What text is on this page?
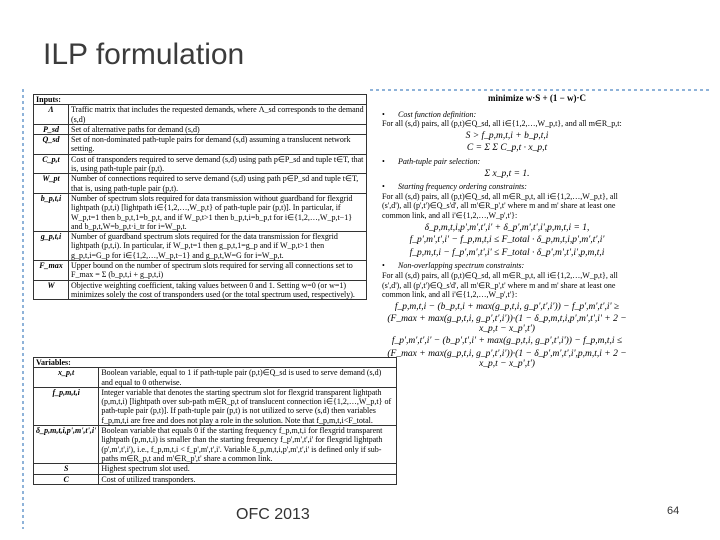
ILP formulation
Inputs:	
Λ	Traffic matrix that includes the requested demands, where Λ_sd corresponds to the demand (s,d)
P_sd	Set of alternative paths for demand (s,d)
Q_sd	Set of non-dominated path-tuple pairs for demand (s,d) assuming a translucent network setting.
C_p,t	Cost of transponders required to serve demand (s,d) using path p∈P_sd and tuple t∈T, that is, using path-tuple pair (p,t).
W_pt	Number of connections required to serve demand (s,d) using path p∈P_sd and tuple t∈T, that is, using path-tuple pair (p,t).
b_p,t,i	Number of spectrum slots required for data transmission without guardband for flexgrid lightpath (p,t,i) [lightpath i∈{1,2,…,W_p,t} of path-tuple pair (p,t)]. In particular, if W_p,t=1 then b_p,t,1=b_p,t, and if W_p,t>1 then b_p,t,i=b_p,t for i∈{1,2,…,W_p,t−1} and b_p,t,W=b_p,t·i_tr for i=W_p,t.
g_p,t,i	Number of guardband spectrum slots required for the data transmission for flexgrid lightpath (p,t,i). In particular, if W_p,t=1 then g_p,t,1=g_p and if W_p,t>1 then g_p,t,i=G_p for i∈{1,2,…,W_p,t−1} and g_p,t,W=G for i=W_p,t.
F_max	Upper bound on the number of spectrum slots required for serving all connections set to F_max = Σ (b_p,t,i + g_p,t,i)
W	Objective weighting coefficient, taking values between 0 and 1. Setting w=0 (or w=1) minimizes solely the cost of transponders used (or the total spectrum used, respectively).
Variables:	
x_p,t	Boolean variable, equal to 1 if path-tuple pair (p,t)∈Q_sd is used to serve demand (s,d) and equal to 0 otherwise.
f_p,m,t,i	Integer variable that denotes the starting spectrum slot for flexgrid transparent lightpath (p,m,t,i) [lightpath over sub-path m∈R_p,t of translucent connection i∈{1,2,…,W_p,t} of path-tuple pair (p,t)]. If path-tuple pair (p,t) is not utilized to serve (s,d) then variables f_p,m,t,i are free and does not play a role in the solution. Note that f_p,m,t,i<F_total.
δ_p,m,t,i,p',m',t',i'	Boolean variable that equals 0 if the starting frequency f_p,m,t,i for flexgrid transparent lightpath (p,m,t,i) is smaller than the starting frequency f_p',m',t',i' for flexgrid lightpath (p',m',t',i'), i.e., f_p,m,t,i < f_p',m',t',i'. Variable δ_p,m,t,i,p',m',t',i' is defined only if sub-paths m∈R_p,t and m'∈R_p',t' share a common link.
S	Highest spectrum slot used.
C	Cost of utilized transponders.
minimize w·S + (1 − w)·C
• Cost function definition:
For all (s,d) pairs, all (p,t)∈Q_sd, all i∈{1,2,…,W_p,t}, and all m∈R_p,t:
S > f_p,m,t,i + b_p,t,i
C = Σ Σ C_p,t · x_p,t
• Path-tuple pair selection:
Σ x_p,t = 1.
• Starting frequency ordering constraints:
For all (s,d) pairs, all (p,t)∈Q_sd, all m∈R_p,t, all i∈{1,2,…,W_p,t}, all (s',d'), all (p',t')∈Q_s'd', all m'∈R_p',t' where m and m' share at least one common link, and all i'∈{1,2,…,W_p',t'}:
δ_p,m,t,i,p',m',t',i' + δ_p',m',t',i',p,m,t,i = 1,
f_p',m',t',i' − f_p,m,t,i ≤ F_total · δ_p,m,t,i,p',m',t',i'
f_p,m,t,i − f_p',m',t',i' ≤ F_total · δ_p',m',t',i',p,m,t,i
• Non-overlapping spectrum constraints:
For all (s,d) pairs, all (p,t)∈Q_sd, all m∈R_p,t, all i∈{1,2,…,W_p,t}, all (s',d'), all (p',t')∈Q_s'd', all m'∈R_p',t' where m and m' share at least one common link, and all i'∈{1,2,…,W_p',t'}:
f_p,m,t,i − (b_p,t,i + max(g_p,t,i, g_p',t',i')) − f_p',m',t',i' ≥
(F_max + max(g_p,t,i, g_p',t',i'))·(1 − δ_p,m,t,i,p',m',t',i' + 2 − x_p,t − x_p',t')
f_p',m',t',i' − (b_p',t',i' + max(g_p,t,i, g_p',t',i')) − f_p,m,t,i ≤
(F_max + max(g_p,t,i, g_p',t',i'))·(1 − δ_p',m',t',i',p,m,t,i + 2 − x_p,t − x_p',t')
OFC 2013	64
